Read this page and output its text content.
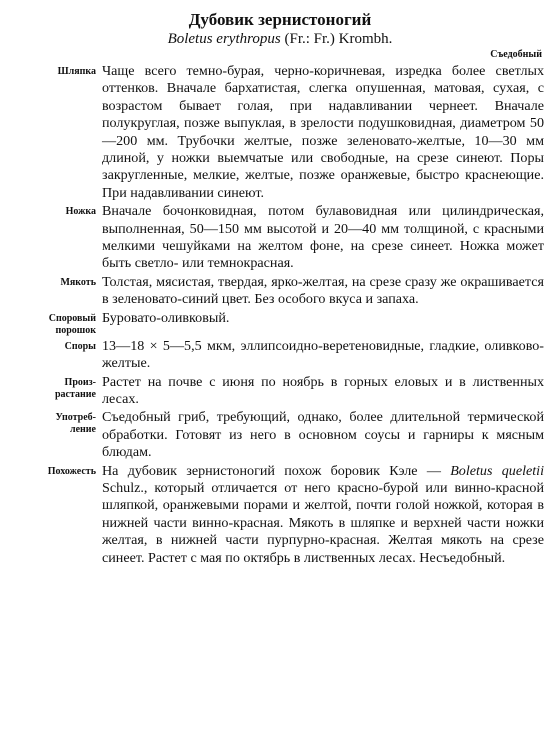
Дубовик зернистоногий

Boletus erythropus (Fr.: Fr.) Krombh.

Съедобный
Шляпка Чаще всего темно-бурая, черно-коричневая, изредка более светлых оттенков. Вначале бархатистая, слегка опушенная, матовая, сухая, с возрастом бывает голая, при надавливании чернеет. Вначале полукруглая, позже выпуклая, в зрелости подушковидная, диаметром 50—200 мм. Трубочки желтые, позже зеленовато-желтые, 10—30 мм длиной, у ножки выемчатые или свободные, на срезе синеют. Поры закругленные, мелкие, желтые, позже оранжевые, быстро краснеющие. При надавливании синеют.
Ножка Вначале бочонковидная, потом булавовидная или цилиндрическая, выполненная, 50—150 мм высотой и 20—40 мм толщиной, с красными мелкими чешуйками на желтом фоне, на срезе синеет. Ножка может быть светло- или темнокрасная.
Мякоть Толстая, мясистая, твердая, ярко-желтая, на срезе сразу же окрашивается в зеленовато-синий цвет. Без особого вкуса и запаха.
Споровый
порошок
Буровато-оливковый.
Споры 13—18 × 5—5,5 мкм, эллипсоидно-веретеновидные, гладкие, оливково-желтые.
Произ-
растание
Растет на почве с июня по ноябрь в горных еловых и в лиственных лесах.
Употреб-
ление
Съедобный гриб, требующий, однако, более длительной термической обработки. Готовят из него в основном соусы и гарниры к мясным блюдам.
Похожесть На дубовик зернистоногий похож боровик Кэле — Boletus queletii Schulz., который отличается от него красно-бурой или винно-красной шляпкой, оранжевыми порами и желтой, почти голой ножкой, которая в нижней части винно-красная. Мякоть в шляпке и верхней части ножки желтая, в нижней части пурпурно-красная. Желтая мякоть на срезе синеет. Растет с мая по октябрь в лиственных лесах. Несъедобный.
